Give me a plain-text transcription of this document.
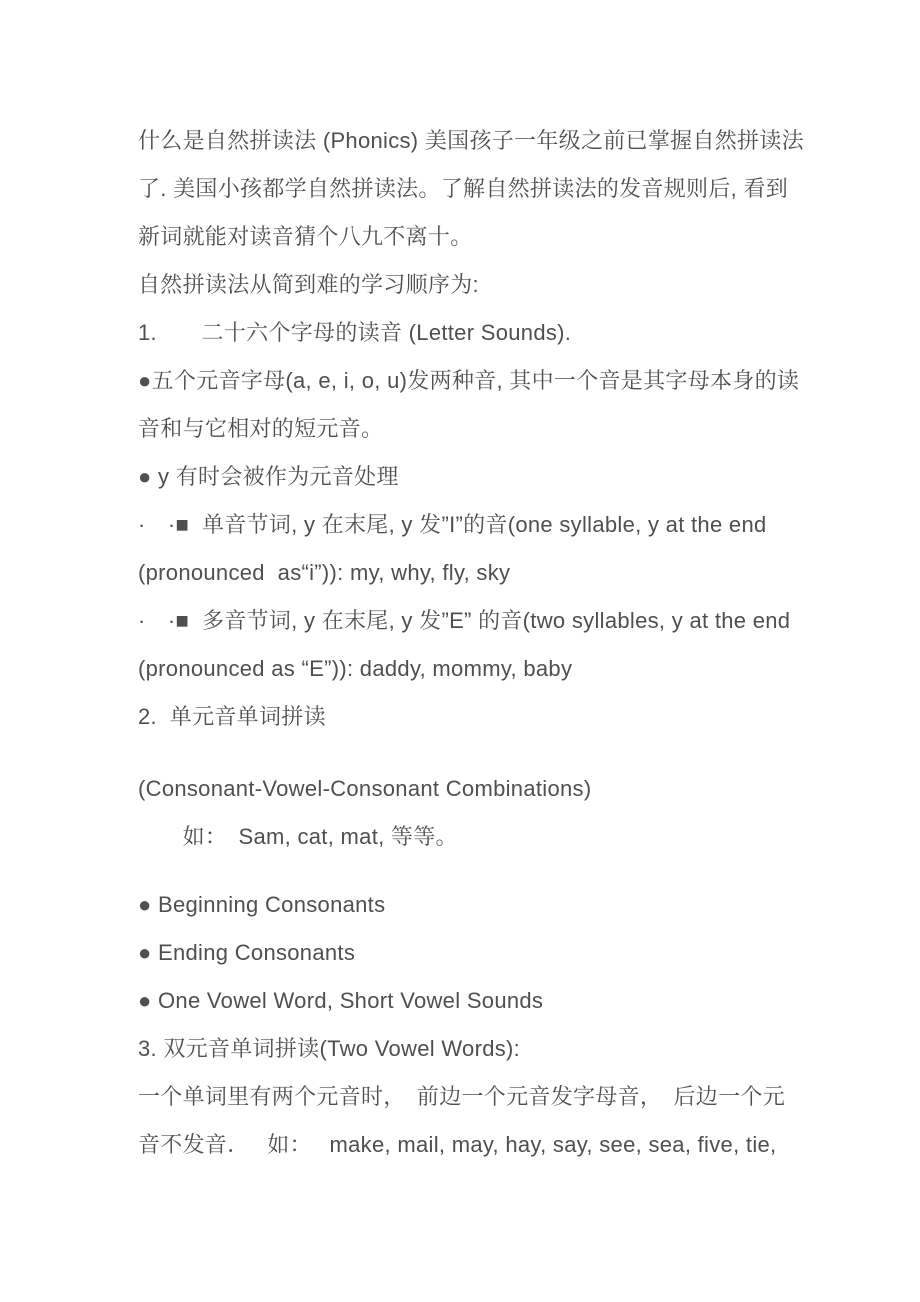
什么是自然拼读法 (Phonics) 美国孩子一年级之前已掌握自然拼读法
了. 美国小孩都学自然拼读法。了解自然拼读法的发音规则后, 看到
新词就能对读音猜个八九不离十。
自然拼读法从简到难的学习顺序为:
1.　　二十六个字母的读音 (Letter Sounds).
●五个元音字母(a, e, i, o, u)发两种音, 其中一个音是其字母本身的读
音和与它相对的短元音。
● y 有时会被作为元音处理
·　·■  单音节词, y 在末尾, y 发”I”的音(one syllable, y at the end
(pronounced  as“i”)): my, why, fly, sky
·　·■  多音节词, y 在末尾, y 发”E” 的音(two syllables, y at the end
(pronounced as “E”)): daddy, mommy, baby
2.  单元音单词拼读
(Consonant-Vowel-Consonant Combinations)
　　如：　Sam, cat, mat, 等等。
● Beginning Consonants
● Ending Consonants
● One Vowel Word, Short Vowel Sounds
3. 双元音单词拼读(Two Vowel Words):
一个单词里有两个元音时，　前边一个元音发字母音，　后边一个元
音不发音．　 如：　 make, mail, may, hay, say, see, sea, five, tie,
